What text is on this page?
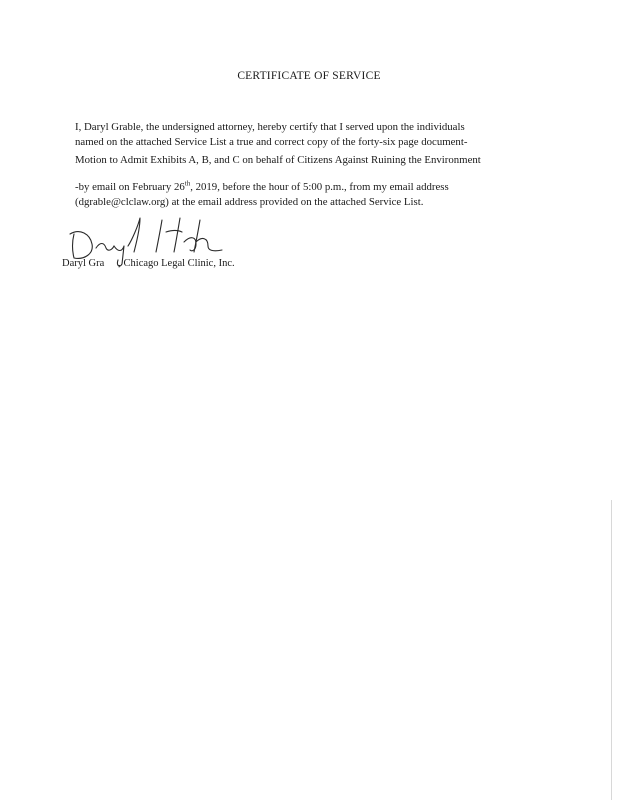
CERTIFICATE OF SERVICE
I, Daryl Grable, the undersigned attorney, hereby certify that I served upon the individuals
named on the attached Service List a true and correct copy of the forty-six page document-
Motion to Admit Exhibits A, B, and C on behalf of Citizens Against Ruining the Environment
-by email on February 26th, 2019, before the hour of 5:00 p.m., from my email address
(dgrable@clclaw.org) at the email address provided on the attached Service List.
Daryl Gra , Chicago Legal Clinic, Inc.
